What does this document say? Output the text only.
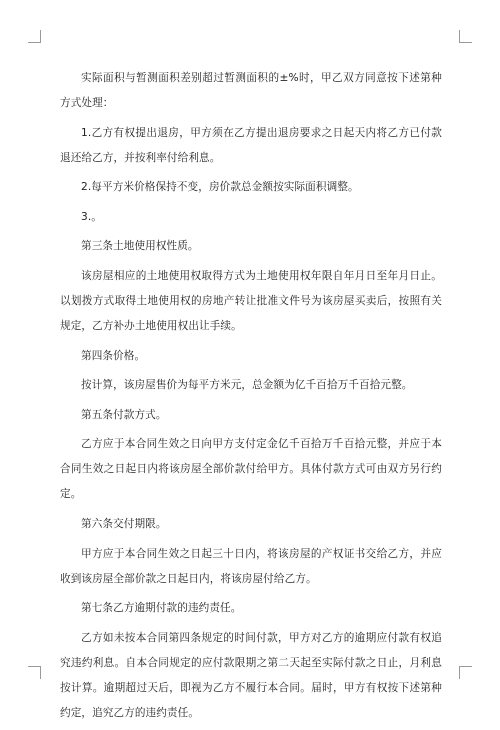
实际面积与暂测面积差别超过暂测面积的±%时，甲乙双方同意按下述第种方式处理：

1.乙方有权提出退房，甲方须在乙方提出退房要求之日起天内将乙方已付款退还给乙方，并按利率付给利息。

2.每平方米价格保持不变，房价款总金额按实际面积调整。

3.。

第三条土地使用权性质。

该房屋相应的土地使用权取得方式为土地使用权年限自年月日至年月日止。以划拨方式取得土地使用权的房地产转让批准文件号为该房屋买卖后，按照有关规定，乙方补办土地使用权出让手续。

第四条价格。

按计算，该房屋售价为每平方米元，总金额为亿千百拾万千百拾元整。

第五条付款方式。

乙方应于本合同生效之日向甲方支付定金亿千百拾万千百拾元整，并应于本合同生效之日起日内将该房屋全部价款付给甲方。具体付款方式可由双方另行约定。

第六条交付期限。

甲方应于本合同生效之日起三十日内，将该房屋的产权证书交给乙方，并应收到该房屋全部价款之日起日内，将该房屋付给乙方。

第七条乙方逾期付款的违约责任。

乙方如未按本合同第四条规定的时间付款，甲方对乙方的逾期应付款有权追究违约利息。自本合同规定的应付款限期之第二天起至实际付款之日止，月利息按计算。逾期超过天后，即视为乙方不履行本合同。届时，甲方有权按下述第种约定，追究乙方的违约责任。
